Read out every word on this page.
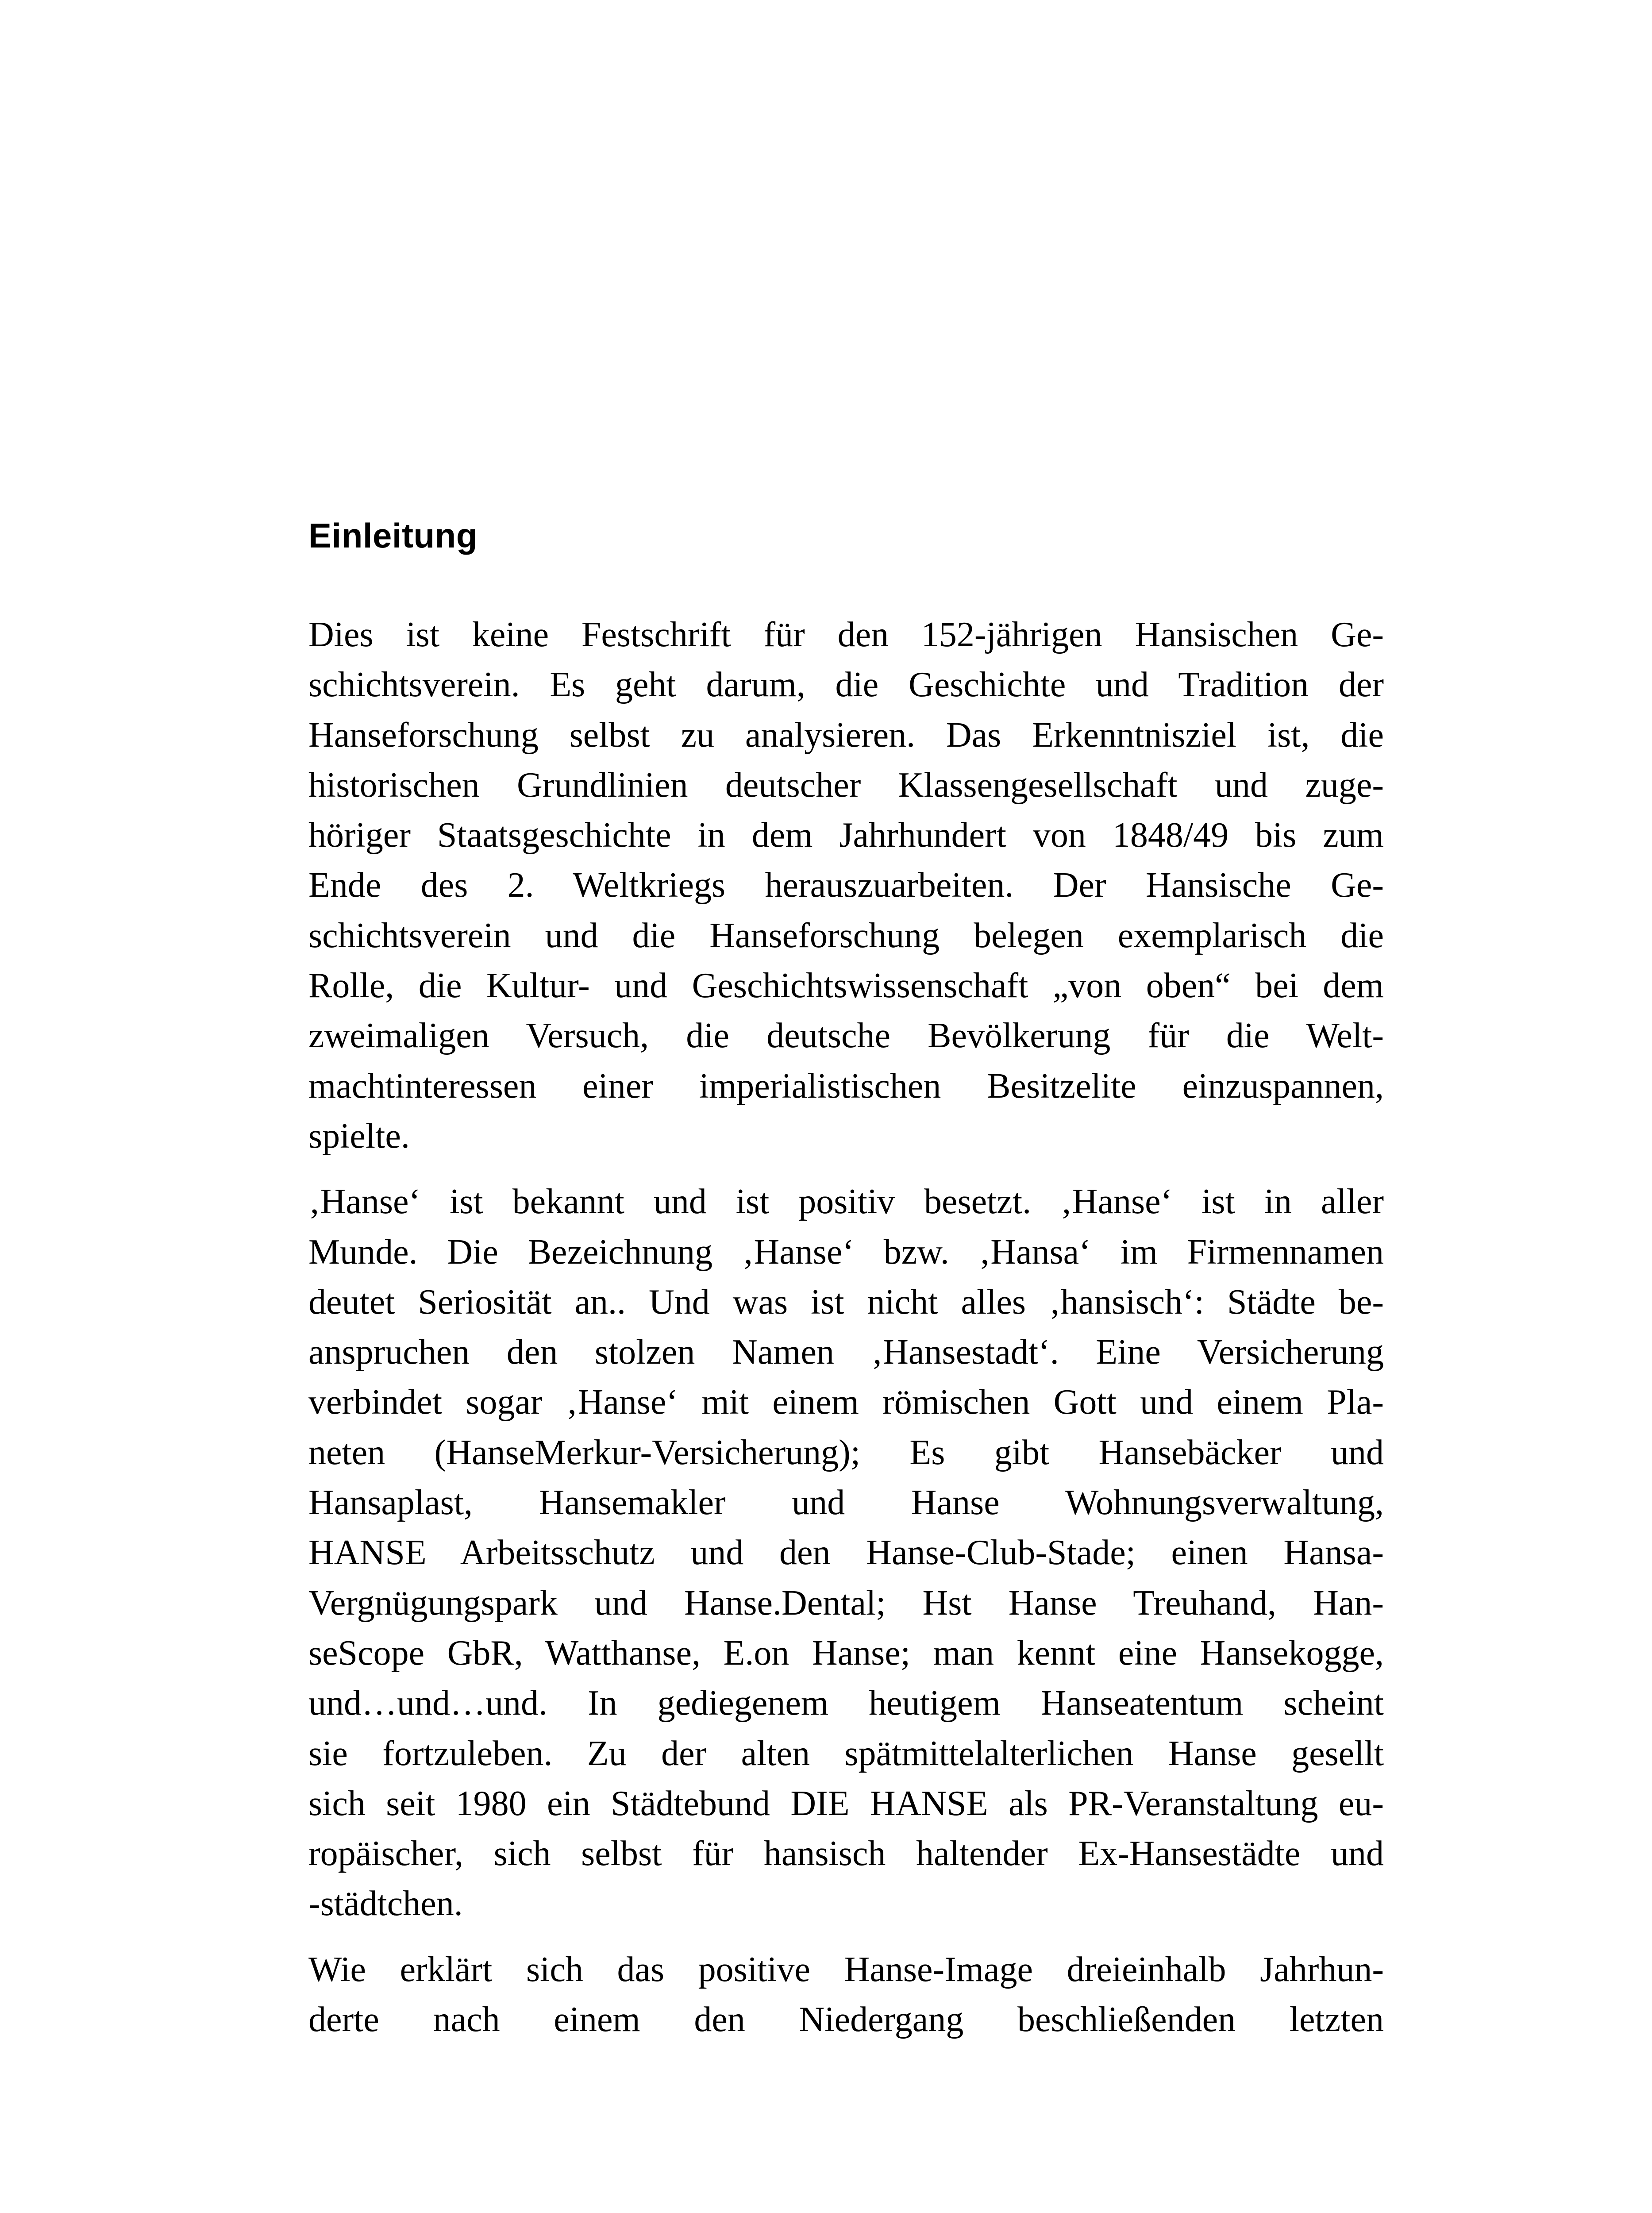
Einleitung

Dies ist keine Festschrift für den 152-jährigen Hansischen Ge-
schichtsverein. Es geht darum, die Geschichte und Tradition der
Hanseforschung selbst zu analysieren. Das Erkenntnisziel ist, die
historischen Grundlinien deutscher Klassengesellschaft und zuge-
höriger Staatsgeschichte in dem Jahrhundert von 1848/49 bis zum
Ende des 2. Weltkriegs herauszuarbeiten. Der Hansische Ge-
schichtsverein und die Hanseforschung belegen exemplarisch die
Rolle, die Kultur- und Geschichtswissenschaft „von oben“ bei dem
zweimaligen Versuch, die deutsche Bevölkerung für die Welt-
machtinteressen einer imperialistischen Besitzelite einzuspannen,
spielte.

‚Hanse‘ ist bekannt und ist positiv besetzt. ‚Hanse‘ ist in aller
Munde. Die Bezeichnung ‚Hanse‘ bzw. ‚Hansa‘ im Firmennamen
deutet Seriosität an.. Und was ist nicht alles ‚hansisch‘: Städte be-
anspruchen den stolzen Namen ‚Hansestadt‘. Eine Versicherung
verbindet sogar ‚Hanse‘ mit einem römischen Gott und einem Pla-
neten (HanseMerkur-Versicherung); Es gibt Hansebäcker und
Hansaplast, Hansemakler und Hanse Wohnungsverwaltung,
HANSE Arbeitsschutz und den Hanse-Club-Stade; einen Hansa-
Vergnügungspark und Hanse.Dental; Hst Hanse Treuhand, Han-
seScope GbR, Watthanse, E.on Hanse; man kennt eine Hansekogge,
und…und…und. In gediegenem heutigem Hanseatentum scheint
sie fortzuleben. Zu der alten spätmittelalterlichen Hanse gesellt
sich seit 1980 ein Städtebund DIE HANSE als PR-Veranstaltung eu-
ropäischer, sich selbst für hansisch haltender Ex-Hansestädte und
-städtchen.

Wie erklärt sich das positive Hanse-Image dreieinhalb Jahrhun-
derte nach einem den Niedergang beschließenden letzten
